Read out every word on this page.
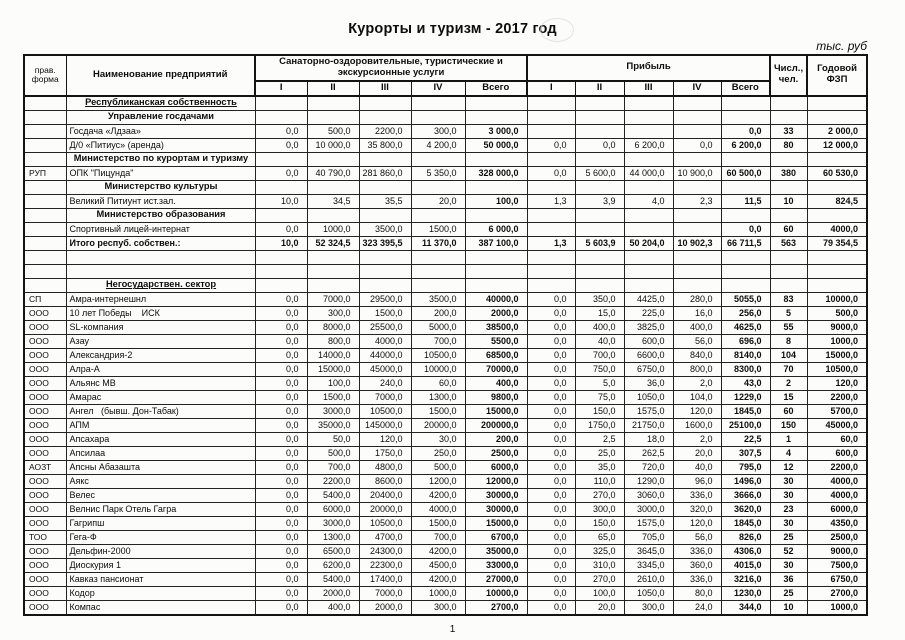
Курорты и туризм - 2017 год
тыс. руб
прав. форма	Наименование предприятий	Санаторно-оздоровительные, туристические и экскурсионные услуги					Прибыль					Числ., чел.	Годовой ФЗП
		I	II	III	IV	Всего	I	II	III	IV	Всего		
	Республиканская собственность												
	Управление госдачами												
	Госдача «Лдзаа»	0,0	500,0	2200,0	300,0	3 000,0					0,0	33	2 000,0
	Д/0 «Питиус» (аренда)	0,0	10 000,0	35 800,0	4 200,0	50 000,0	0,0	0,0	6 200,0	0,0	6 200,0	80	12 000,0
	Министерство по курортам и туризму												
РУП	ОПК "Пицунда"	0,0	40 790,0	281 860,0	5 350,0	328 000,0	0,0	5 600,0	44 000,0	10 900,0	60 500,0	380	60 530,0
	Министерство культуры												
	Великий Питиунт ист.зал.	10,0	34,5	35,5	20,0	100,0	1,3	3,9	4,0	2,3	11,5	10	824,5
	Министерство образования												
	Спортивный лицей-интернат	0,0	1000,0	3500,0	1500,0	6 000,0					0,0	60	4000,0
	Итого респуб. собствен.:	10,0	52 324,5	323 395,5	11 370,0	387 100,0	1,3	5 603,9	50 204,0	10 902,3	66 711,5	563	79 354,5

	Негосударствен. сектор												
СП	Амра-интернешнл	0,0	7000,0	29500,0	3500,0	40000,0	0,0	350,0	4425,0	280,0	5055,0	83	10000,0
ООО	10 лет Победы    ИСК	0,0	300,0	1500,0	200,0	2000,0	0,0	15,0	225,0	16,0	256,0	5	500,0
ООО	SL-компания	0,0	8000,0	25500,0	5000,0	38500,0	0,0	400,0	3825,0	400,0	4625,0	55	9000,0
ООО	Азау	0,0	800,0	4000,0	700,0	5500,0	0,0	40,0	600,0	56,0	696,0	8	1000,0
ООО	Александрия-2	0,0	14000,0	44000,0	10500,0	68500,0	0,0	700,0	6600,0	840,0	8140,0	104	15000,0
ООО	Алра-А	0,0	15000,0	45000,0	10000,0	70000,0	0,0	750,0	6750,0	800,0	8300,0	70	10500,0
ООО	Альянс МВ	0,0	100,0	240,0	60,0	400,0	0,0	5,0	36,0	2,0	43,0	2	120,0
ООО	Амарас	0,0	1500,0	7000,0	1300,0	9800,0	0,0	75,0	1050,0	104,0	1229,0	15	2200,0
ООО	Ангел   (бывш. Дон-Табак)	0,0	3000,0	10500,0	1500,0	15000,0	0,0	150,0	1575,0	120,0	1845,0	60	5700,0
ООО	АПМ	0,0	35000,0	145000,0	20000,0	200000,0	0,0	1750,0	21750,0	1600,0	25100,0	150	45000,0
ООО	Апсахара	0,0	50,0	120,0	30,0	200,0	0,0	2,5	18,0	2,0	22,5	1	60,0
ООО	Апсилаа	0,0	500,0	1750,0	250,0	2500,0	0,0	25,0	262,5	20,0	307,5	4	600,0
АОЗТ	Апсны Абазашта	0,0	700,0	4800,0	500,0	6000,0	0,0	35,0	720,0	40,0	795,0	12	2200,0
ООО	Аякс	0,0	2200,0	8600,0	1200,0	12000,0	0,0	110,0	1290,0	96,0	1496,0	30	4000,0
ООО	Велес	0,0	5400,0	20400,0	4200,0	30000,0	0,0	270,0	3060,0	336,0	3666,0	30	4000,0
ООО	Велнис Парк Отель Гагра	0,0	6000,0	20000,0	4000,0	30000,0	0,0	300,0	3000,0	320,0	3620,0	23	6000,0
ООО	Гагрипш	0,0	3000,0	10500,0	1500,0	15000,0	0,0	150,0	1575,0	120,0	1845,0	30	4350,0
ТОО	Гега-Ф	0,0	1300,0	4700,0	700,0	6700,0	0,0	65,0	705,0	56,0	826,0	25	2500,0
ООО	Дельфин-2000	0,0	6500,0	24300,0	4200,0	35000,0	0,0	325,0	3645,0	336,0	4306,0	52	9000,0
ООО	Диоскурия 1	0,0	6200,0	22300,0	4500,0	33000,0	0,0	310,0	3345,0	360,0	4015,0	30	7500,0
ООО	Кавказ пансионат	0,0	5400,0	17400,0	4200,0	27000,0	0,0	270,0	2610,0	336,0	3216,0	36	6750,0
ООО	Кодор	0,0	2000,0	7000,0	1000,0	10000,0	0,0	100,0	1050,0	80,0	1230,0	25	2700,0
ООО	Компас	0,0	400,0	2000,0	300,0	2700,0	0,0	20,0	300,0	24,0	344,0	10	1000,0
1
